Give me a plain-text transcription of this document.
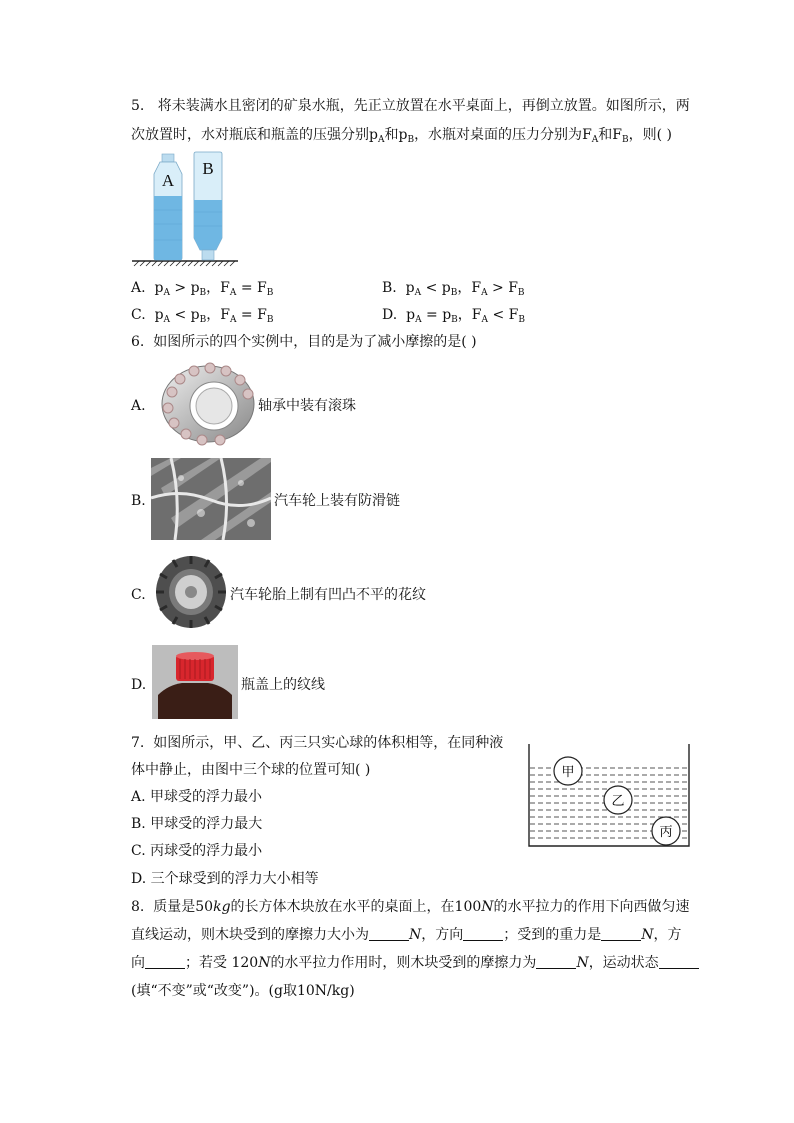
5. 将未装满水且密闭的矿泉水瓶，先正立放置在水平桌面上，再倒立放置。如图所示，两
次放置时，水对瓶底和瓶盖的压强分别$p_A$和$p_B$，水瓶对桌面的压力分别为$F_A$和$F_B$，则( )
A
B
A.  $p_A > p_B$，$F_A = F_B$	B.  $p_A < p_B$，$F_A > F_B$
C.  $p_A < p_B$，$F_A = F_B$	D.  $p_A = p_B$，$F_A < F_B$
6. 如图所示的四个实例中，目的是为了减小摩擦的是( )
A.	轴承中装有滚珠
B.	汽车轮上装有防滑链
C.	汽车轮胎上制有凹凸不平的花纹
D.	瓶盖上的纹线
7. 如图所示，甲、乙、丙三只实心球的体积相等，在同种液
体中静止，由图中三个球的位置可知( )
A. 甲球受的浮力最小
B. 甲球受的浮力最大
C. 丙球受的浮力最小
D. 三个球受到的浮力大小相等
甲
乙
丙
8. 质量是50kg的长方体木块放在水平的桌面上，在100N的水平拉力的作用下向西做匀速
直线运动，则木块受到的摩擦力大小为	N，方向	；受到的重力是	N，方
向	；若受 120N的水平拉力作用时，则木块受到的摩擦力为	N，运动状态
(填“不变”或“改变”)。(g取10N/kg)
